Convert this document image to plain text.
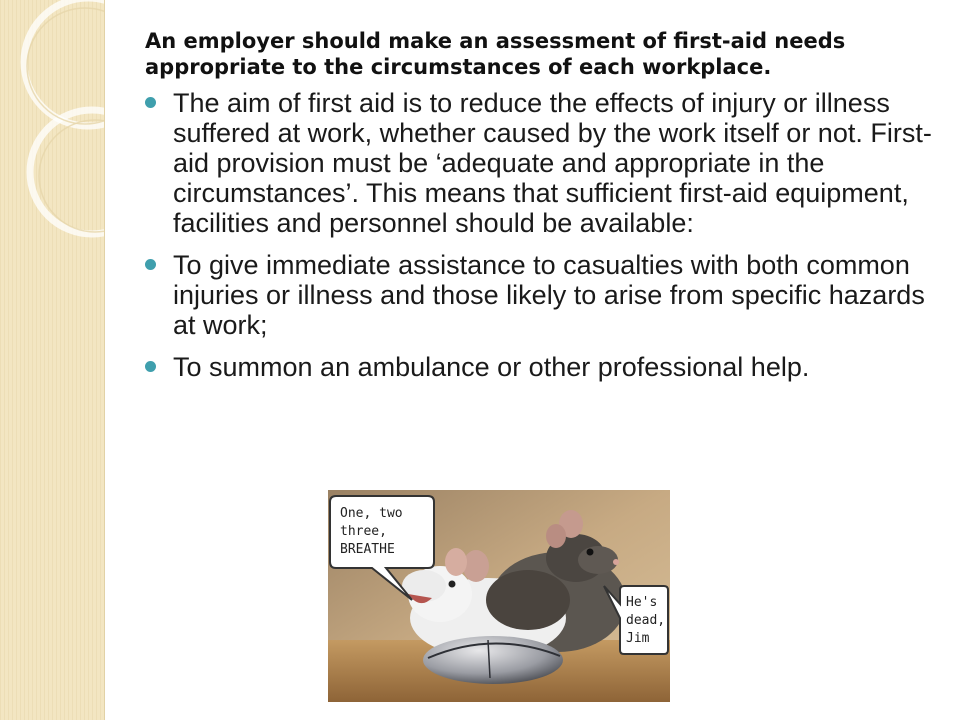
An employer should make an assessment of first-aid needs appropriate to the circumstances of each workplace.
The aim of first aid is to reduce the effects of injury or illness suffered at work, whether caused by the work itself or not. First-aid provision must be ‘adequate and appropriate in the circumstances’. This means that sufficient first-aid equipment, facilities and personnel should be available:
To give immediate assistance to casualties with both common injuries or illness and those likely to arise from specific hazards at work;
To summon an ambulance or other professional help.
One, two
three,
BREATHE
He's
dead,
Jim
